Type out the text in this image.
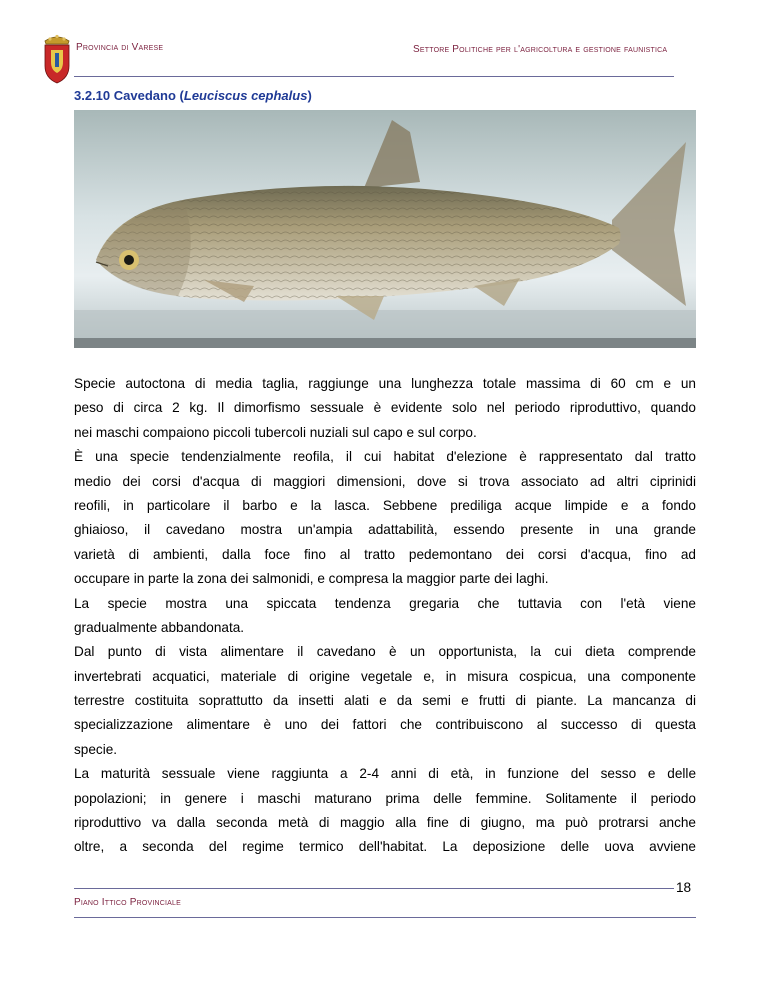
Provincia di Varese	Settore Politiche per l'agricoltura e gestione faunistica
3.2.10 Cavedano (Leuciscus cephalus)

Specie autoctona di media taglia, raggiunge una lunghezza totale massima di 60 cm e un
peso di circa 2 kg. Il dimorfismo sessuale è evidente solo nel periodo riproduttivo, quando
nei maschi compaiono piccoli tubercoli nuziali sul capo e sul corpo.

È una specie tendenzialmente reofila, il cui habitat d'elezione è rappresentato dal tratto
medio dei corsi d'acqua di maggiori dimensioni, dove si trova associato ad altri ciprinidi
reofili, in particolare il barbo e la lasca. Sebbene prediliga acque limpide e a fondo
ghiaioso, il cavedano mostra un'ampia adattabilità, essendo presente in una grande
varietà di ambienti, dalla foce fino al tratto pedemontano dei corsi d'acqua, fino ad
occupare in parte la zona dei salmonidi, e compresa la maggior parte dei laghi.

La specie mostra una spiccata tendenza gregaria che tuttavia con l'età viene
gradualmente abbandonata.

Dal punto di vista alimentare il cavedano è un opportunista, la cui dieta comprende
invertebrati acquatici, materiale di origine vegetale e, in misura cospicua, una componente
terrestre costituita soprattutto da insetti alati e da semi e frutti di piante. La mancanza di
specializzazione alimentare è uno dei fattori che contribuiscono al successo di questa
specie.

La maturità sessuale viene raggiunta a 2-4 anni di età, in funzione del sesso e delle
popolazioni; in genere i maschi maturano prima delle femmine. Solitamente il periodo
riproduttivo va dalla seconda metà di maggio alla fine di giugno, ma può protrarsi anche
oltre, a seconda del regime termico dell'habitat. La deposizione delle uova avviene

18
Piano Ittico Provinciale
